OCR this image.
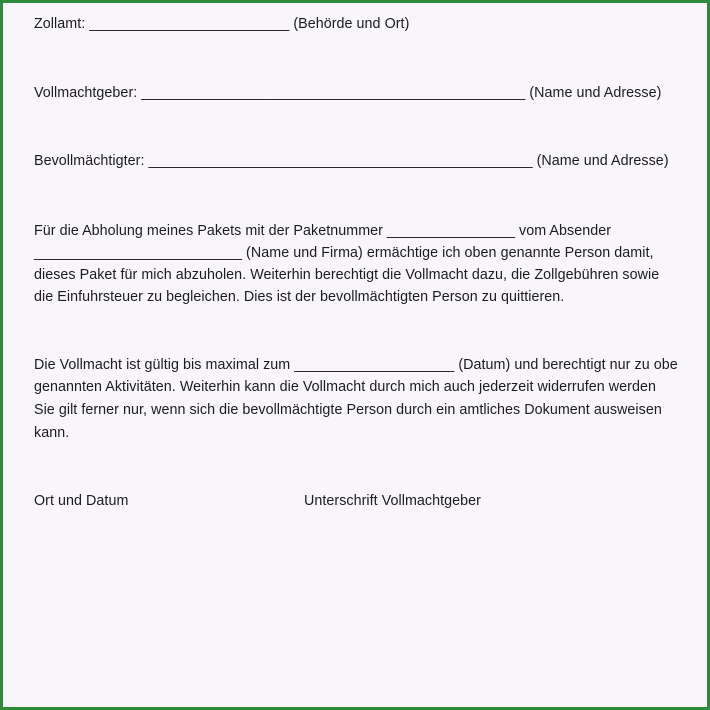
Zollamt: _________________________ (Behörde und Ort)
Vollmachtgeber: ________________________________________________ (Name und Adresse)
Bevollmächtigter: ________________________________________________ (Name und Adresse)
Für die Abholung meines Pakets mit der Paketnummer ________________ vom Absender
__________________________ (Name und Firma) ermächtige ich oben genannte Person damit,
dieses Paket für mich abzuholen. Weiterhin berechtigt die Vollmacht dazu, die Zollgebühren sowie
die Einfuhrsteuer zu begleichen. Dies ist der bevollmächtigten Person zu quittieren.
Die Vollmacht ist gültig bis maximal zum ____________________ (Datum) und berechtigt nur zu obe
genannten Aktivitäten. Weiterhin kann die Vollmacht durch mich auch jederzeit widerrufen werden
Sie gilt ferner nur, wenn sich die bevollmächtigte Person durch ein amtliches Dokument ausweisen
kann.
Ort und Datum	Unterschrift Vollmachtgeber
